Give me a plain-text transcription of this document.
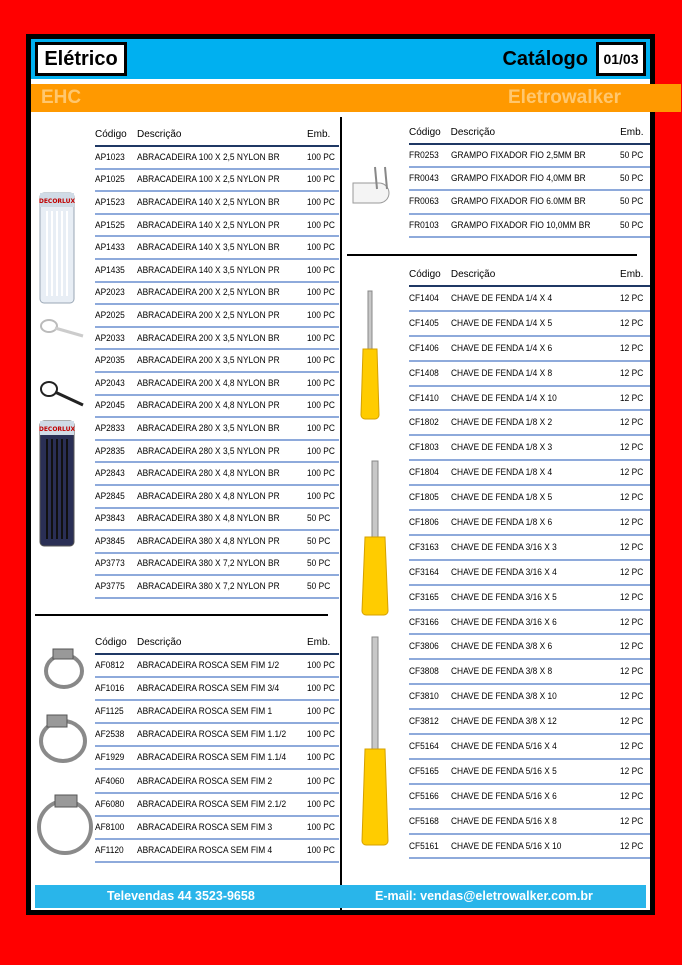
Elétrico	Catálogo	01/03
EHC	Eletrowalker
DECORLUX
DECORLUX
Código	Descrição	Emb.
AP1023	ABRACADEIRA 100 X 2,5 NYLON BR	100 PC
AP1025	ABRACADEIRA 100 X 2,5 NYLON PR	100 PC
AP1523	ABRACADEIRA 140 X 2,5 NYLON BR	100 PC
AP1525	ABRACADEIRA 140 X 2,5 NYLON PR	100 PC
AP1433	ABRACADEIRA 140 X 3,5 NYLON BR	100 PC
AP1435	ABRACADEIRA 140 X 3,5 NYLON PR	100 PC
AP2023	ABRACADEIRA 200 X 2,5 NYLON BR	100 PC
AP2025	ABRACADEIRA 200 X 2,5 NYLON PR	100 PC
AP2033	ABRACADEIRA 200 X 3,5 NYLON BR	100 PC
AP2035	ABRACADEIRA 200 X 3,5 NYLON PR	100 PC
AP2043	ABRACADEIRA 200 X 4,8 NYLON BR	100 PC
AP2045	ABRACADEIRA 200 X 4,8 NYLON PR	100 PC
AP2833	ABRACADEIRA 280 X 3,5 NYLON BR	100 PC
AP2835	ABRACADEIRA 280 X 3,5 NYLON PR	100 PC
AP2843	ABRACADEIRA 280 X 4,8 NYLON BR	100 PC
AP2845	ABRACADEIRA 280 X 4,8 NYLON PR	100 PC
AP3843	ABRACADEIRA 380 X 4,8 NYLON BR	50 PC
AP3845	ABRACADEIRA 380 X 4,8 NYLON PR	50 PC
AP3773	ABRACADEIRA 380 X 7,2 NYLON BR	50 PC
AP3775	ABRACADEIRA 380 X 7,2 NYLON PR	50 PC
Código	Descrição	Emb.
AF0812	ABRACADEIRA ROSCA SEM FIM 1/2	100 PC
AF1016	ABRACADEIRA ROSCA SEM FIM 3/4	100 PC
AF1125	ABRACADEIRA ROSCA SEM FIM 1	100 PC
AF2538	ABRACADEIRA ROSCA SEM FIM 1.1/2	100 PC
AF1929	ABRACADEIRA ROSCA SEM FIM 1.1/4	100 PC
AF4060	ABRACADEIRA ROSCA SEM FIM 2	100 PC
AF6080	ABRACADEIRA ROSCA SEM FIM 2.1/2	100 PC
AF8100	ABRACADEIRA ROSCA SEM FIM 3	100 PC
AF1120	ABRACADEIRA ROSCA SEM FIM 4	100 PC
Código	Descrição	Emb.
FR0253	GRAMPO FIXADOR FIO 2,5MM BR	50 PC
FR0043	GRAMPO FIXADOR FIO 4,0MM BR	50 PC
FR0063	GRAMPO FIXADOR FIO 6.0MM BR	50 PC
FR0103	GRAMPO FIXADOR FIO 10,0MM BR	50 PC
Código	Descrição	Emb.
CF1404	CHAVE DE FENDA 1/4 X 4	12 PC
CF1405	CHAVE DE FENDA 1/4 X 5	12 PC
CF1406	CHAVE DE FENDA 1/4 X 6	12 PC
CF1408	CHAVE DE FENDA 1/4 X 8	12 PC
CF1410	CHAVE DE FENDA 1/4 X 10	12 PC
CF1802	CHAVE DE FENDA 1/8 X 2	12 PC
CF1803	CHAVE DE FENDA 1/8 X 3	12 PC
CF1804	CHAVE DE FENDA 1/8 X 4	12 PC
CF1805	CHAVE DE FENDA 1/8 X 5	12 PC
CF1806	CHAVE DE FENDA 1/8 X 6	12 PC
CF3163	CHAVE DE FENDA 3/16 X 3	12 PC
CF3164	CHAVE DE FENDA 3/16 X 4	12 PC
CF3165	CHAVE DE FENDA 3/16 X 5	12 PC
CF3166	CHAVE DE FENDA 3/16 X 6	12 PC
CF3806	CHAVE DE FENDA 3/8 X 6	12 PC
CF3808	CHAVE DE FENDA 3/8 X 8	12 PC
CF3810	CHAVE DE FENDA 3/8 X 10	12 PC
CF3812	CHAVE DE FENDA 3/8 X 12	12 PC
CF5164	CHAVE DE FENDA 5/16 X 4	12 PC
CF5165	CHAVE DE FENDA 5/16 X 5	12 PC
CF5166	CHAVE DE FENDA 5/16 X 6	12 PC
CF5168	CHAVE DE FENDA 5/16 X 8	12 PC
CF5161	CHAVE DE FENDA 5/16 X 10	12 PC
Televendas 44 3523-9658	E-mail: vendas@eletrowalker.com.br
